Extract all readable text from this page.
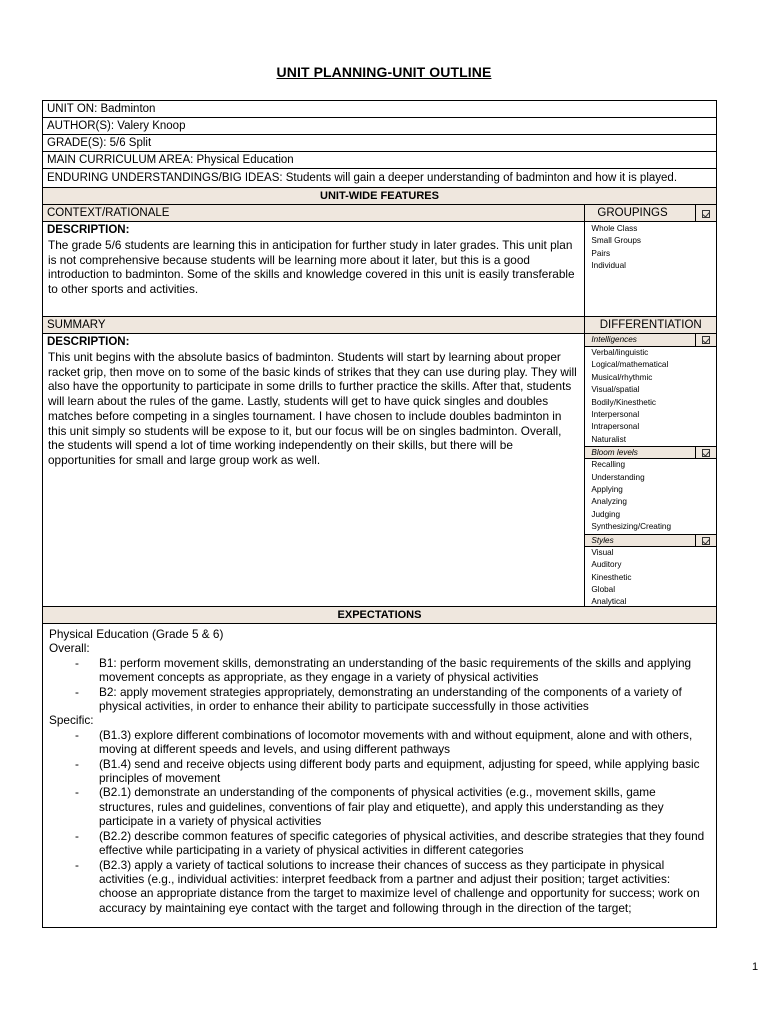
UNIT PLANNING-UNIT OUTLINE
UNIT ON: Badminton
AUTHOR(S): Valery Knoop
GRADE(S): 5/6 Split
MAIN CURRICULUM AREA: Physical Education
ENDURING UNDERSTANDINGS/BIG IDEAS: Students will gain a deeper understanding of badminton and how it is played.
UNIT-WIDE FEATURES
CONTEXT/RATIONALE
DESCRIPTION:
The grade 5/6 students are learning this in anticipation for further study in later grades. This unit plan is not comprehensive because students will be learning more about it later, but this is a good introduction to badminton. Some of the skills and knowledge covered in this unit is easily transferable to other sports and activities.
GROUPINGS
Whole Class
Small Groups
Pairs
Individual
SUMMARY
DESCRIPTION:
This unit begins with the absolute basics of badminton. Students will start by learning about proper racket grip, then move on to some of the basic kinds of strikes that they can use during play. They will also have the opportunity to participate in some drills to further practice the skills. After that, students will learn about the rules of the game. Lastly, students will get to have quick singles and doubles matches before competing in a singles tournament. I have chosen to include doubles badminton in this unit simply so students will be expose to it, but our focus will be on singles badminton. Overall, the students will spend a lot of time working independently on their skills, but there will be opportunities for small and large group work as well.
DIFFERENTIATION
Intelligences
Verbal/linguistic
Logical/mathematical
Musical/rhythmic
Visual/spatial
Bodily/Kinesthetic
Interpersonal
Intrapersonal
Naturalist
Bloom levels
Recalling
Understanding
Applying
Analyzing
Judging
Synthesizing/Creating
Styles
Visual
Auditory
Kinesthetic
Global
Analytical
EXPECTATIONS
Physical Education (Grade 5 & 6)
Overall:
-	B1: perform movement skills, demonstrating an understanding of the basic requirements of the skills and applying movement concepts as appropriate, as they engage in a variety of physical activities
-	B2: apply movement strategies appropriately, demonstrating an understanding of the components of a variety of physical activities, in order to enhance their ability to participate successfully in those activities
Specific:
-	(B1.3) explore different combinations of locomotor movements with and without equipment, alone and with others, moving at different speeds and levels, and using different pathways
-	(B1.4) send and receive objects using different body parts and equipment, adjusting for speed, while applying basic principles of movement
-	(B2.1) demonstrate an understanding of the components of physical activities (e.g., movement skills, game structures, rules and guidelines, conventions of fair play and etiquette), and apply this understanding as they participate in a variety of physical activities
-	(B2.2) describe common features of specific categories of physical activities, and describe strategies that they found effective while participating in a variety of physical activities in different categories
-	(B2.3) apply a variety of tactical solutions to increase their chances of success as they participate in physical activities (e.g., individual activities: interpret feedback from a partner and adjust their position; target activities: choose an appropriate distance from the target to maximize level of challenge and opportunity for success; work on accuracy by maintaining eye contact with the target and following through in the direction of the target;
1
